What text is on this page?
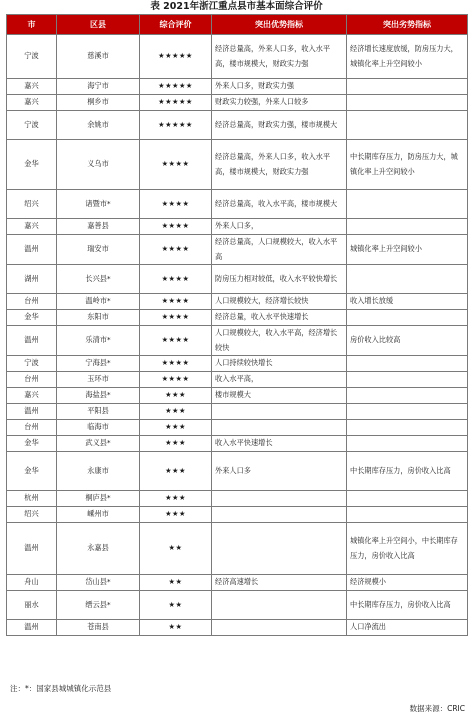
表 2021年浙江重点县市基本面综合评价
市	区县	综合评价	突出优势指标	突出劣势指标
宁波	慈溪市	★★★★★	经济总量高，外来人口多，收入水平高，楼市规模大，财政实力强	经济增长速度放缓，防房压力大，城镇化率上升空间较小
嘉兴	海宁市	★★★★★	外来人口多，财政实力强	
嘉兴	桐乡市	★★★★★	财政实力较强，外来人口较多	
宁波	余姚市	★★★★★	经济总量高，财政实力强，楼市规模大	
金华	义乌市	★★★★	经济总量高，外来人口多，收入水平高，楼市规模大，财政实力强	中长期库存压力，防房压力大，城镇化率上升空间较小
绍兴	诸暨市*	★★★★	经济总量高，收入水平高，楼市规模大	
嘉兴	嘉善县	★★★★	外来人口多，	
温州	瑞安市	★★★★	经济总量高，人口规模较大，收入水平高	城镇化率上升空间较小
湖州	长兴县*	★★★★	防房压力相对较低，收入水平较快增长	
台州	温岭市*	★★★★	人口规模较大，经济增长较快	收入增长放缓
金华	东阳市	★★★★	经济总量，收入水平快速增长	
温州	乐清市*	★★★★	人口规模较大，收入水平高，经济增长较快	房价收入比较高
宁波	宁海县*	★★★★	人口持续较快增长	
台州	玉环市	★★★★	收入水平高，	
嘉兴	海盐县*	★★★	楼市规模大	
温州	平阳县	★★★		
台州	临海市	★★★		
金华	武义县*	★★★	收入水平快速增长	
金华	永康市	★★★	外来人口多	中长期库存压力，房价收入比高
杭州	桐庐县*	★★★		
绍兴	嵊州市	★★★		
温州	永嘉县	★★		城镇化率上升空间小，中长期库存压力，房价收入比高
舟山	岱山县*	★★	经济高速增长	经济规模小
丽水	缙云县*	★★		中长期库存压力，房价收入比高
温州	苍南县	★★		人口净流出
注：*：国家县城城镇化示范县
数据来源：CRIC
